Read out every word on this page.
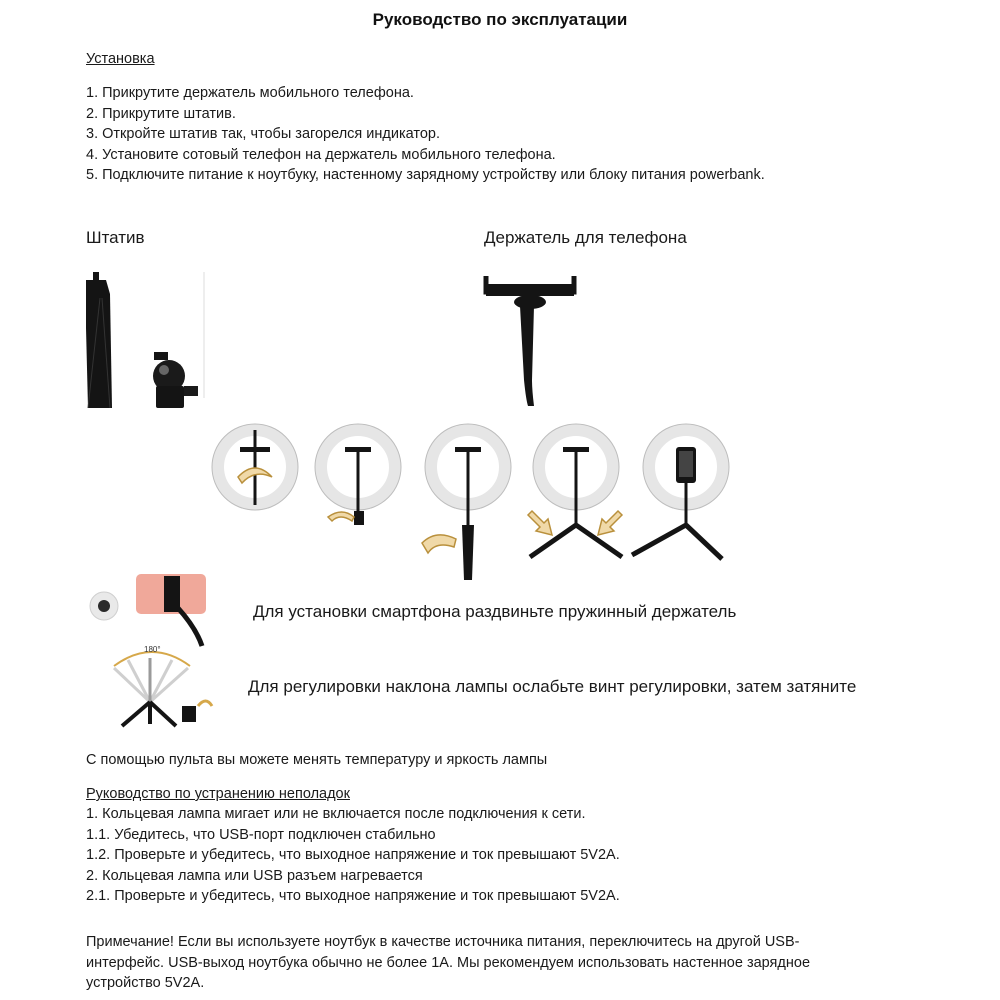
Руководство по эксплуатации
Установка
1. Прикрутите держатель мобильного телефона.
2. Прикрутите штатив.
3. Откройте штатив так, чтобы загорелся индикатор.
4. Установите сотовый телефон на держатель мобильного телефона.
5. Подключите питание к ноутбуку, настенному зарядному устройству или блоку питания powerbank.
Штатив	Держатель для телефона
Для установки смартфона раздвиньте пружинный держатель
180°
Для регулировки наклона лампы ослабьте винт регулировки, затем затяните
С помощью пульта вы можете менять температуру и яркость лампы
Руководство по устранению неполадок
1. Кольцевая лампа мигает или не включается после подключения к сети.
1.1. Убедитесь, что USB-порт подключен стабильно
1.2. Проверьте и убедитесь, что выходное напряжение и ток превышают 5V2A.
2. Кольцевая лампа или USB разъем нагревается
2.1. Проверьте и убедитесь, что выходное напряжение и ток превышают 5V2A.
Примечание! Если вы используете ноутбук в качестве источника питания, переключитесь на другой USB-
интерфейс. USB-выход ноутбука обычно не более 1А. Мы рекомендуем использовать настенное зарядное
устройство 5V2A.
